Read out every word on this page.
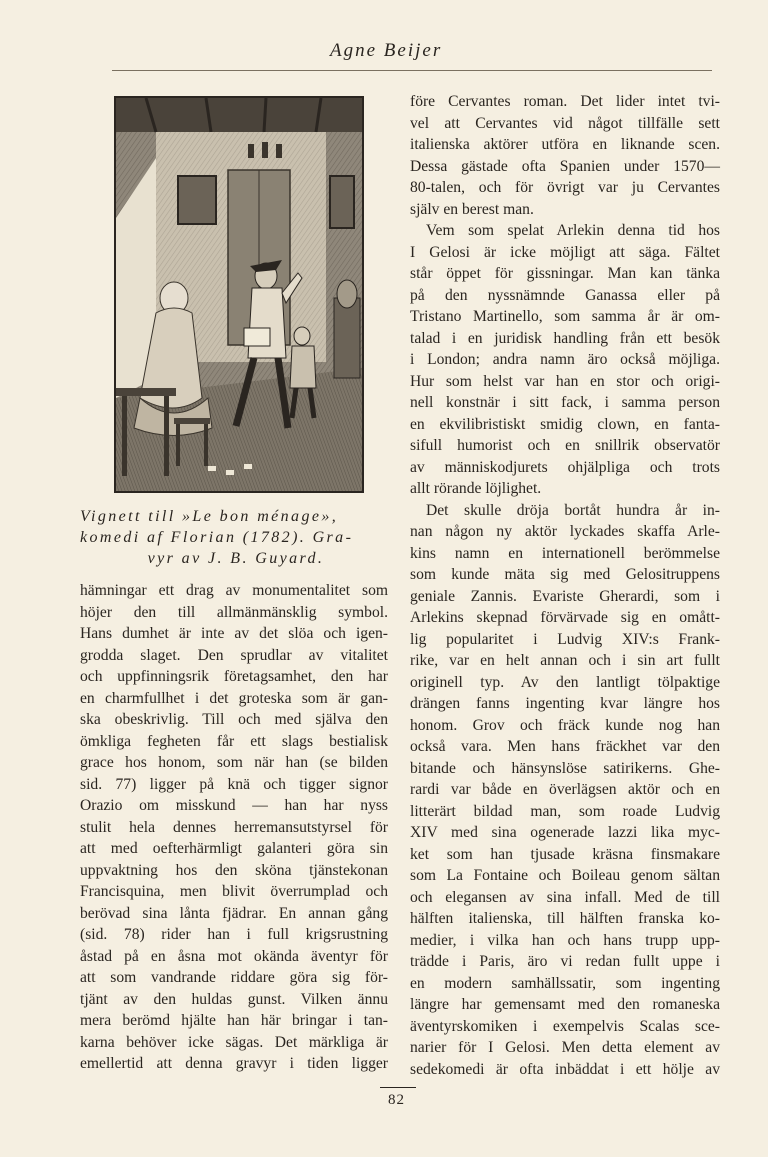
Agne Beijer
Vignett till »Le bon ménage»,
komedi af Florian (1782). Gra-
vyr av J. B. Guyard.
hämningar ett drag av monumentalitet som
höjer den till allmänmänsklig symbol.
Hans dumhet är inte av det slöa och igen-
grodda slaget. Den sprudlar av vitalitet
och uppfinningsrik företagsamhet, den har
en charmfullhet i det groteska som är gan-
ska obeskrivlig. Till och med själva den
ömkliga fegheten får ett slags bestialisk
grace hos honom, som när han (se bilden
sid. 77) ligger på knä och tigger signor
Orazio om misskund — han har nyss
stulit hela dennes herremansutstyrsel för
att med oefterhärmligt galanteri göra sin
uppvaktning hos den sköna tjänstekonan
Francisquina, men blivit överrumplad och
berövad sina lånta fjädrar. En annan gång
(sid. 78) rider han i full krigsrustning
åstad på en åsna mot okända äventyr för
att som vandrande riddare göra sig för-
tjänt av den huldas gunst. Vilken ännu
mera berömd hjälte han här bringar i tan-
karna behöver icke sägas. Det märkliga är
emellertid att denna gravyr i tiden ligger
före Cervantes roman. Det lider intet tvi-
vel att Cervantes vid något tillfälle sett
italienska aktörer utföra en liknande scen.
Dessa gästade ofta Spanien under 1570—
80-talen, och för övrigt var ju Cervantes
själv en berest man.
Vem som spelat Arlekin denna tid hos
I Gelosi är icke möjligt att säga. Fältet
står öppet för gissningar. Man kan tänka
på den nyssnämnde Ganassa eller på
Tristano Martinello, som samma år är om-
talad i en juridisk handling från ett besök
i London; andra namn äro också möjliga.
Hur som helst var han en stor och origi-
nell konstnär i sitt fack, i samma person
en ekvilibristiskt smidig clown, en fanta-
sifull humorist och en snillrik observatör
av människodjurets ohjälpliga och trots
allt rörande löjlighet.
Det skulle dröja bortåt hundra år in-
nan någon ny aktör lyckades skaffa Arle-
kins namn en internationell berömmelse
som kunde mäta sig med Gelositruppens
geniale Zannis. Evariste Gherardi, som i
Arlekins skepnad förvärvade sig en omått-
lig popularitet i Ludvig XIV:s Frank-
rike, var en helt annan och i sin art fullt
originell typ. Av den lantligt tölpaktige
drängen fanns ingenting kvar längre hos
honom. Grov och fräck kunde nog han
också vara. Men hans fräckhet var den
bitande och hänsynslöse satirikerns. Ghe-
rardi var både en överlägsen aktör och en
litterärt bildad man, som roade Ludvig
XIV med sina ogenerade lazzi lika myc-
ket som han tjusade kräsna finsmakare
som La Fontaine och Boileau genom sältan
och elegansen av sina infall. Med de till
hälften italienska, till hälften franska ko-
medier, i vilka han och hans trupp upp-
trädde i Paris, äro vi redan fullt uppe i
en modern samhällssatir, som ingenting
längre har gemensamt med den romaneska
äventyrskomiken i exempelvis Scalas sce-
narier för I Gelosi. Men detta element av
sedekomedi är ofta inbäddat i ett hölje av
82
